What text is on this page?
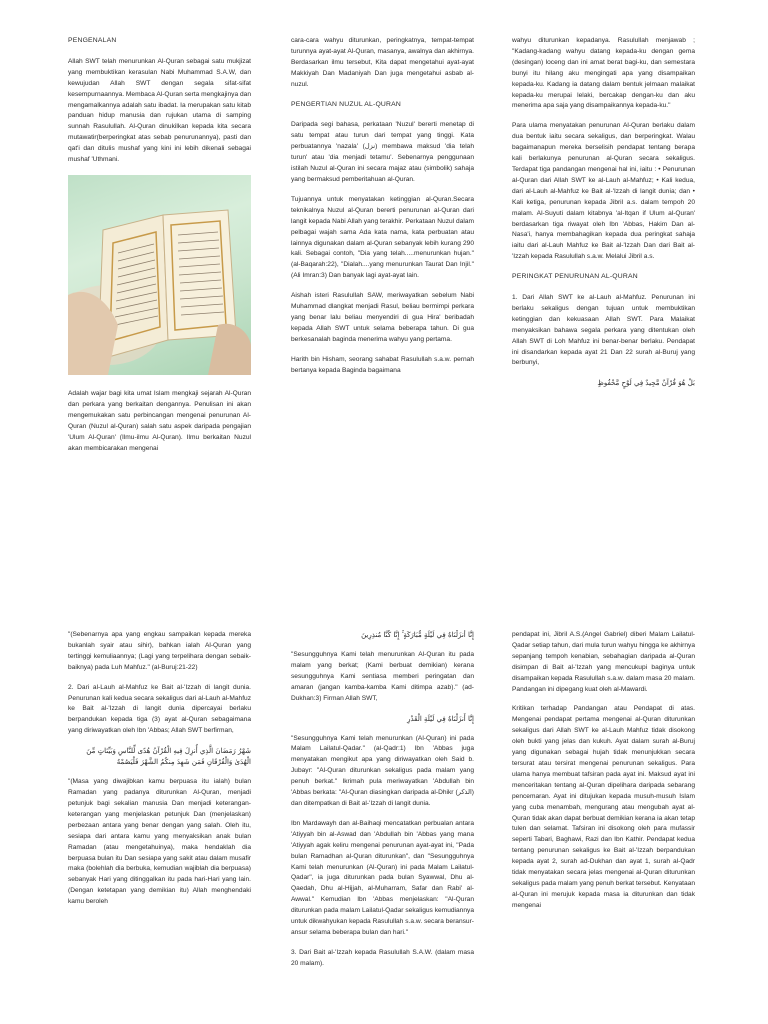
PENGENALAN

Allah SWT telah menurunkan Al-Quran sebagai satu mukjizat yang membuktikan kerasulan Nabi Muhammad S.A.W, dan kewujudan Allah SWT dengan segala sifat-sifat kesempurnaannya. Membaca Al-Quran serta mengkajinya dan mengamalkannya adalah satu ibadat. Ia merupakan satu kitab panduan hidup manusia dan rujukan utama di samping sunnah Rasulullah. Al-Quran dinukilkan kepada kita secara mutawatir(berperingkat atas sebab penurunannya), pasti dan qat'i dan ditulis mushaf yang kini ini lebih dikenali sebagai mushaf 'Uthmani.

Adalah wajar bagi kita umat Islam mengkaji sejarah Al-Quran dan perkara yang berkaitan dengannya. Penulisan ini akan mengemukakan satu perbincangan mengenai penurunan Al-Quran (Nuzul al-Quran) salah satu aspek daripada pengajian 'Ulum Al-Quran' (Ilmu-ilmu Al-Quran). Ilmu berkaitan Nuzul akan membicarakan mengenai

cara-cara wahyu diturunkan, peringkatnya, tempat-tempat turunnya ayat-ayat Al-Quran, masanya, awalnya dan akhirnya. Berdasarkan ilmu tersebut, Kita dapat mengetahui ayat-ayat Makkiyah Dan Madaniyah Dan juga mengetahui asbab al-nuzul.

PENGERTIAN NUZUL AL-QURAN

Daripada segi bahasa, perkataan 'Nuzul' bererti menetap di satu tempat atau turun dari tempat yang tinggi. Kata perbuatannya 'nazala' (نزل) membawa maksud 'dia telah turun' atau 'dia menjadi tetamu'. Sebenarnya penggunaan istilah Nuzul al-Quran ini secara majaz atau (simbolik) sahaja yang bermaksud pemberitahuan al-Quran.

Tujuannya untuk menyatakan ketinggian al-Quran.Secara teknikalnya Nuzul al-Quran bererti penurunan al-Quran dari langit kepada Nabi Allah yang terakhir. Perkataan Nuzul dalam pelbagai wajah sama Ada kata nama, kata perbuatan atau lainnya digunakan dalam al-Quran sebanyak lebih kurang 290 kali. Sebagai contoh, "Dia yang telah.....menurunkan hujan." (al-Baqarah:22), "Dialah....yang menurunkan Taurat Dan Injil." (Ali Imran:3) Dan banyak lagi ayat-ayat lain.

Aishah isteri Rasulullah SAW, meriwayatkan sebelum Nabi Muhammad dlangkat menjadi Rasul, beliau bermimpi perkara yang benar lalu beliau menyendiri di gua Hira' beribadah kepada Allah SWT untuk selama beberapa tahun. Di gua berkesanalah baginda menerima wahyu yang pertama.

Harith bin Hisham, seorang sahabat Rasulullah s.a.w. pernah bertanya kepada Baginda bagaimana

wahyu diturunkan kepadanya. Rasulullah menjawab ; "Kadang-kadang wahyu datang kepada-ku dengan gema (desingan) loceng dan ini amat berat bagi-ku, dan semestara bunyi itu hilang aku mengingati apa yang disampaikan kepada-ku. Kadang ia datang dalam bentuk jelmaan malaikat kepada-ku merupai lelaki, bercakap dengan-ku dan aku menerima apa saja yang disampaikannya kepada-ku."

Para ulama menyatakan penurunan Al-Quran berlaku dalam dua bentuk iaitu secara sekaligus, dan berperingkat. Walau bagaimanapun mereka berselisih pendapat tentang berapa kali berlakunya penurunan al-Quran secara sekaligus. Terdapat tiga pandangan mengenai hal ini, iaitu : • Penurunan al-Quran dari Allah SWT ke al-Lauh al-Mahfuz; • Kali kedua, dari al-Lauh al-Mahfuz ke Bait al-'Izzah di langit dunia; dan • Kali ketiga, penurunan kepada Jibril a.s. dalam tempoh 20 malam. Al-Suyuti dalam kitabnya 'al-Itqan if Ulum al-Quran' berdasarkan tiga riwayat oleh Ibn 'Abbas, Hakim Dan al-Nasa'i, hanya membahagikan kepada dua peringkat sahaja iaitu dari al-Lauh Mahfuz ke Bait al-'Izzah Dan dari Bait al-'Izzah kepada Rasulullah s.a.w. Melalui Jibril a.s.

PERINGKAT PENURUNAN AL-QURAN

1. Dari Allah SWT ke al-Lauh al-Mahfuz. Penurunan ini berlaku sekaligus dengan tujuan untuk membuktikan ketinggian dan kekuasaan Allah SWT. Para Malaikat menyaksikan bahawa segala perkara yang ditentukan oleh Allah SWT di Loh Mahfuz ini benar-benar berlaku. Pendapat ini disandarkan kepada ayat 21 Dan 22 surah al-Buruj yang berbunyi,

بَلْ هُوَ قُرْآنٌ مَّجِيدٌ فِي لَوْحٍ مَّحْفُوظٍ

"(Sebenarnya apa yang engkau sampaikan kepada mereka bukanlah syair atau sihir), bahkan ialah Al-Quran yang tertinggi kemuliaannya; (Lagi yang terpelihara dengan sebaik-baiknya) pada Luh Mahfuz." (al-Buruj:21-22)

2. Dari al-Lauh al-Mahfuz ke Bait al-'Izzah di langit dunia. Penurunan kali kedua secara sekaligus dari al-Lauh al-Mahfuz ke Bait al-'Izzah di langit dunia dipercayai berlaku berpandukan kepada tiga (3) ayat al-Quran sebagaimana yang diriwayatkan oleh Ibn 'Abbas; Allah SWT berfirman,

شَهْرُ رَمَضَانَ الَّذِي أُنزِلَ فِيهِ الْقُرْآنُ هُدًى لِّلنَّاسِ وَبَيِّنَاتٍ مِّنَ الْهُدَىٰ وَالْفُرْقَانِ فَمَن شَهِدَ مِنكُمُ الشَّهْرَ فَلْيَصُمْهُ

"(Masa yang diwajibkan kamu berpuasa itu ialah) bulan Ramadan yang padanya diturunkan Al-Quran, menjadi petunjuk bagi sekalian manusia Dan menjadi keterangan-keterangan yang menjelaskan petunjuk Dan (menjelaskan) perbezaan antara yang benar dengan yang salah. Oleh itu, sesiapa dari antara kamu yang menyaksikan anak bulan Ramadan (atau mengetahuinya), maka hendaklah dia berpuasa bulan itu Dan sesiapa yang sakit atau dalam musafir maka (bolehlah dia berbuka, kemudian wajiblah dia berpuasa) sebanyak Hari yang ditinggalkan itu pada hari-Hari yang lain. (Dengan ketetapan yang demikian itu) Allah menghendaki kamu beroleh

إِنَّا أَنزَلْنَاهُ فِي لَيْلَةٍ مُّبَارَكَةٍ ۚ إِنَّا كُنَّا مُنذِرِينَ

"Sesungguhnya Kami telah menurunkan Al-Quran itu pada malam yang berkat; (Kami berbuat demikian) kerana sesungguhnya Kami sentiasa memberi peringatan dan amaran (jangan kamba-kamba Kami ditimpa azab)." (ad-Dukhan:3) Firman Allah SWT,

إِنَّا أَنزَلْنَاهُ فِي لَيْلَةِ الْقَدْرِ

"Sesungguhnya Kami telah menurunkan (Al-Quran) ini pada Malam Lailatul-Qadar." (al-Qadr:1) Ibn 'Abbas juga menyatakan mengikut apa yang diriwayatkan oleh Said b. Jubayr: "Al-Quran diturunkan sekaligus pada malam yang penuh berkat." Ikrimah pula meriwayatkan 'Abdullah bin 'Abbas berkata: "Al-Quran diasingkan daripada al-Dhikr (الذكر) dan ditempatkan di Bait al-'Izzah di langit dunia.

Ibn Mardawayh dan al-Baihaqi mencatatkan perbualan antara 'Atiyyah bin al-Aswad dan 'Abdullah bin 'Abbas yang mana 'Atiyyah agak keliru mengenai penurunan ayat-ayat ini, "Pada bulan Ramadhan al-Quran diturunkan", dan "Sesungguhnya Kami telah menurunkan (Al-Quran) ini pada Malam Lailatul-Qadar", ia juga diturunkan pada bulan Syawwal, Dhu al-Qaedah, Dhu al-Hijjah, al-Muharram, Safar dan Rabi' al-Awwal." Kemudian Ibn 'Abbas menjelaskan: "Al-Quran diturunkan pada malam Lailatul-Qadar sekaligus kemudiannya untuk dikwahyukan kepada Rasulullah s.a.w. secara beransur-ansur selama beberapa bulan dan hari."

3. Dari Bait al-'Izzah kepada Rasulullah S.A.W. (dalam masa 20 malam).

pendapat ini, Jibril A.S.(Angel Gabriel) diberi Malam Lailatul-Qadar setiap tahun, dari mula turun wahyu hingga ke akhirnya sepanjang tempoh kenabian, sebahagian daripada al-Quran disimpan di Bait al-'Izzah yang mencukupi baginya untuk disampaikan kepada Rasulullah s.a.w. dalam masa 20 malam. Pandangan ini dipegang kuat oleh al-Mawardi.

Kritikan terhadap Pandangan atau Pendapat di atas. Mengenai pendapat pertama mengenai al-Quran diturunkan sekaligus dari Allah SWT ke al-Lauh Mahfuz tidak disokong oleh bukti yang jelas dan kukuh. Ayat dalam surah al-Buruj yang digunakan sebagai hujah tidak menunjukkan secara tersurat atau tersirat mengenai penurunan sekaligus. Para ulama hanya membuat tafsiran pada ayat ini. Maksud ayat ini menceritakan tentang al-Quran dipelihara daripada sebarang pencemaran. Ayat ini ditujukan kepada musuh-musuh Islam yang cuba menambah, mengurang atau mengubah ayat al-Quran tidak akan dapat berbuat demikian kerana ia akan tetap tulen dan selamat. Tafsiran ini disokong oleh para mufassir seperti Tabari, Baghawi, Razi dan Ibn Kathir. Pendapat kedua tentang penurunan sekaligus ke Bait al-'Izzah berpandukan kepada ayat 2, surah ad-Dukhan dan ayat 1, surah al-Qadr tidak menyatakan secara jelas mengenai al-Quran diturunkan sekaligus pada malam yang penuh berkat tersebut. Kenyataan al-Quran ini merujuk kepada masa ia diturunkan dan tidak mengenai
